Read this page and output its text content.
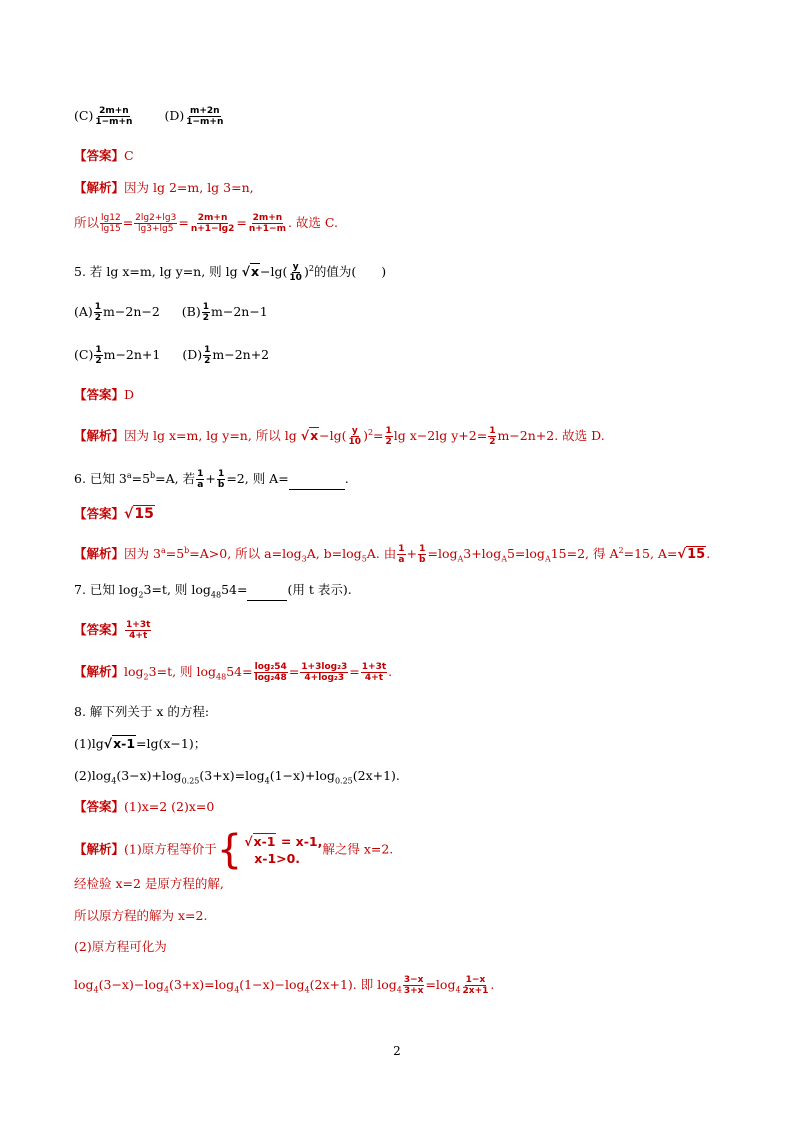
$(C) \frac{2m+n}{1-m+n} (D) \frac{m+2n}{1-m+n}$
【答案】C
【解析】因为 lg 2=m, lg 3=n,
所以 $\frac{\lg 12}{\lg 15} = \frac{2\lg 2+\lg 3}{\lg 3+\lg 5} = \frac{2m+n}{n+1-\lg 2} = \frac{2m+n}{n+1-m}$ . 故选 C.
5. 若 lg x=m, lg y=n, 则 $\lg √x-\lg( \frac{y}{10} )^2$的值为(　　)
$(A) \frac{1}{2} m-2n-2$ $(B) \frac{1}{2} m-2n-1$
$(C) \frac{1}{2} m-2n+1$ $(D) \frac{1}{2} m-2n+2$
【答案】D
【解析】因为 lg x=m, lg y=n, 所以 $\lg √x-\lg( \frac{y}{10} )^2= \frac{1}{2}$ lg x−2lg $y+2= \frac{1}{2} m-2n+2$. 故选 D.
6. 已知 $3^a=5^b=A$, 若 $\frac{1}{a} + \frac{1}{b} =2$, 则 A=	.
【答案】√15
【解析】因为 $3^a=5^b=A>0$, 所以 $a=\log_3A$, $b=\log_5A$. 由 $\frac{1}{a} + \frac{1}{b} =\log_A3+\log_A5=\log_A15=2$, 得 $A^2=15$, A=√15.
7. 已知 $\log_23=t$, 则 $\log_{48}54=$	(用 t 表示).
【答案】 $\frac{1+3t}{4+t}$
【解析】$\log_23=t$, 则 $\log_{48}54= \frac{\text{log₂54}}{\text{log₂48}} = \frac{\text{1+3log₂3}}{\text{4+log₂3}} = \frac{1+3t}{4+t}$ .
8. 解下列关于 x 的方程:
(1)lg√x-1=lg(x−1)；
$(2)\log_4(3-x)+\log_{0.25}(3+x)=\log_4(1-x)+\log_{0.25}(2x+1)$.
【答案】(1)x=2 (2)x=0
【解析】(1)原方程等价于 { √x-1 = x-1,
x-1>0.
解之得 x=2.
经检验 x=2 是原方程的解,
所以原方程的解为 x=2.
(2)原方程可化为
$\log_4(3-x)-\log_4(3+x)=\log_4(1-x)-\log_4(2x+1)$. 即 $\log_4 \frac{3-x}{3+x} =\log_4 \frac{1-x}{2x+1}$ .
2
